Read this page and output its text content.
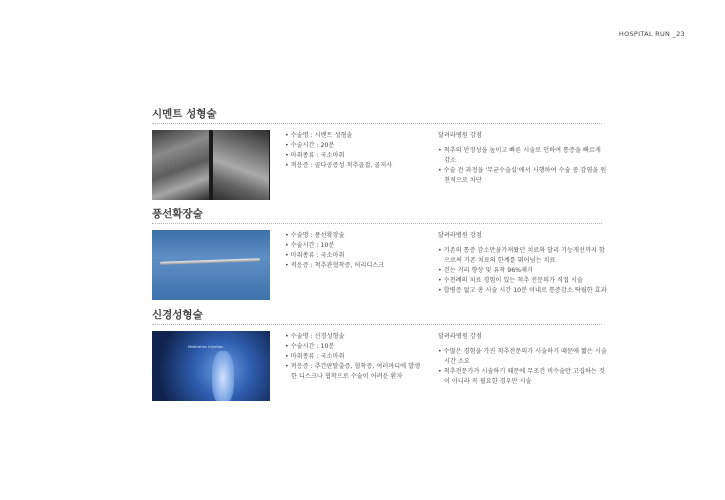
HOSPITAL RUN _23
시멘트 성형술
• 수술명 : 시멘트 성형술
• 수술시간 : 20분
• 마취종류 : 국소마취
• 적응증 : 골다공증성 척추골절, 골저사
달려라병원 강점
• 척추의 안정성을 높이고 빠른 시술로 인하여 통증을 빠르게 감소
• 수술 전 과정을 '무균수술실'에서 시행하여 수술 중 감염을 원천적으로 차단
풍선확장술
• 수술명 : 풍선확장술
• 수술시간 : 10분
• 마취종류 : 국소마취
• 적응증 : 척추관협착증, 허리디스크
달려라병원 강점
• 기존의 통증 감소만을가져왔던 치료와 달리 기능개선까지 함으로써 기존 치료의 한계를 뛰어넘는 치료
• 걷는 거리 향상 및 유착 96%제거
• 수천례의 치료 경험이 있는 척추 전문의가 직접 시술
• 합병증 없고 총 시술 시간 10분 이내로 통증감소 탁월한 효과
신경성형술
Medication Injection
• 수술명 : 신경성형술
• 수술시간 : 10분
• 마취종류 : 국소마취
• 적응증 : 추간판탈출증, 협착증, 여러마디에 발생한 디스크나 협착으로 수술이 어려운 환자
달려라병원 강점
• 수많은 경험을 가진 척추전문의가 시술하기 때문에 짧은 시술 시간 소요
• 척추전문가가 시술하기 때문에 무조건 비수술만 고집하는 것이 아니라 꼭 필요한 경우만 시술
